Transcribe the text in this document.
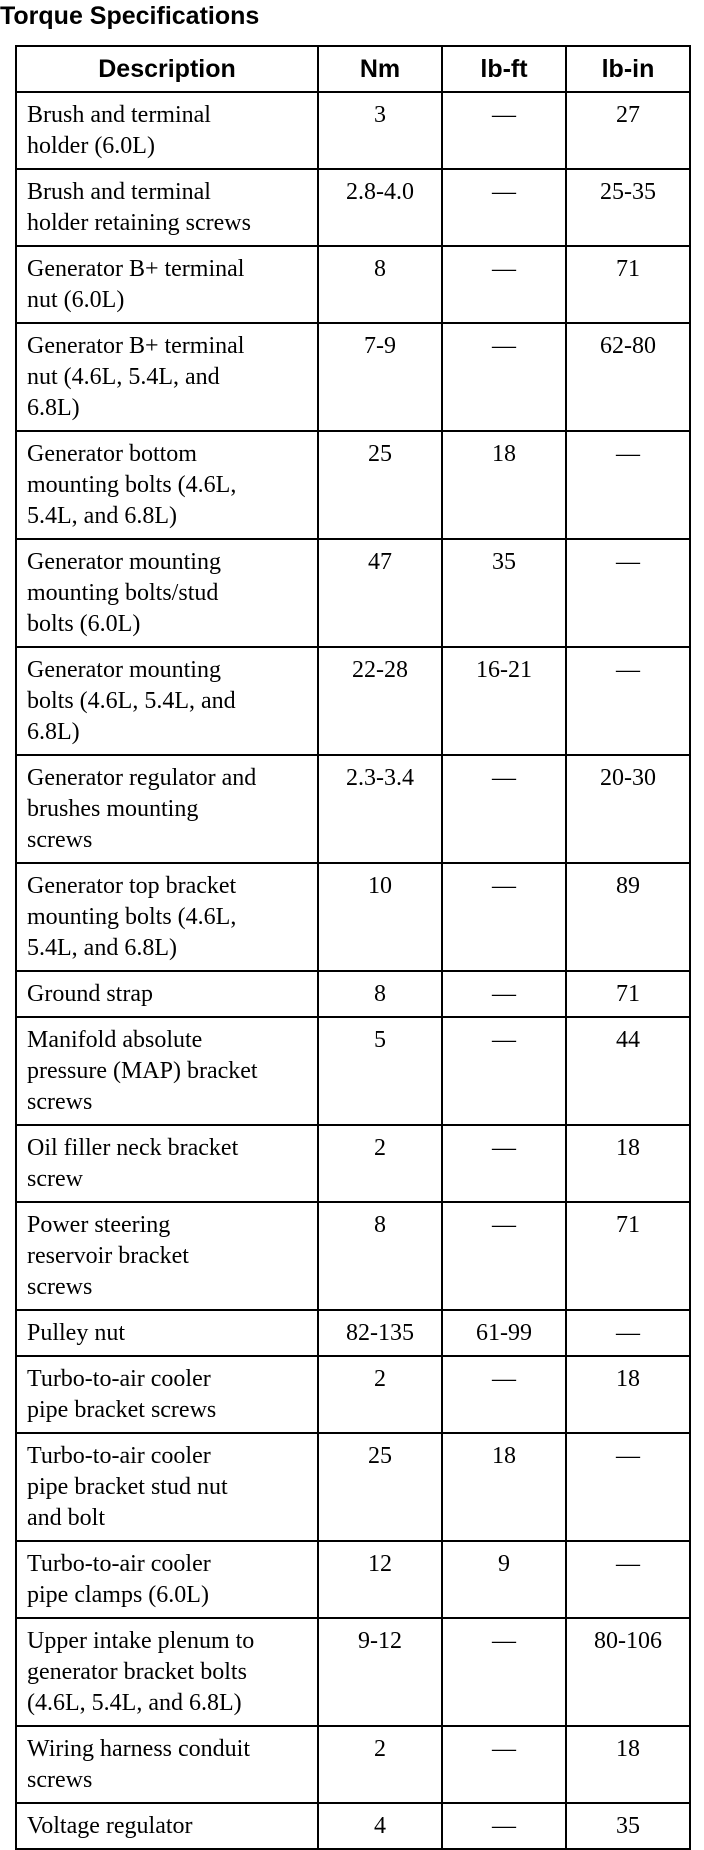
Torque Specifications
Description	Nm	lb-ft	lb-in
Brush and terminal
holder (6.0L)	3	—	27
Brush and terminal
holder retaining screws	2.8-4.0	—	25-35
Generator B+ terminal
nut (6.0L)	8	—	71
Generator B+ terminal
nut (4.6L, 5.4L, and
6.8L)	7-9	—	62-80
Generator bottom
mounting bolts (4.6L,
5.4L, and 6.8L)	25	18	—
Generator mounting
mounting bolts/stud
bolts (6.0L)	47	35	—
Generator mounting
bolts (4.6L, 5.4L, and
6.8L)	22-28	16-21	—
Generator regulator and
brushes mounting
screws	2.3-3.4	—	20-30
Generator top bracket
mounting bolts (4.6L,
5.4L, and 6.8L)	10	—	89
Ground strap	8	—	71
Manifold absolute
pressure (MAP) bracket
screws	5	—	44
Oil filler neck bracket
screw	2	—	18
Power steering
reservoir bracket
screws	8	—	71
Pulley nut	82-135	61-99	—
Turbo-to-air cooler
pipe bracket screws	2	—	18
Turbo-to-air cooler
pipe bracket stud nut
and bolt	25	18	—
Turbo-to-air cooler
pipe clamps (6.0L)	12	9	—
Upper intake plenum to
generator bracket bolts
(4.6L, 5.4L, and 6.8L)	9-12	—	80-106
Wiring harness conduit
screws	2	—	18
Voltage regulator	4	—	35
